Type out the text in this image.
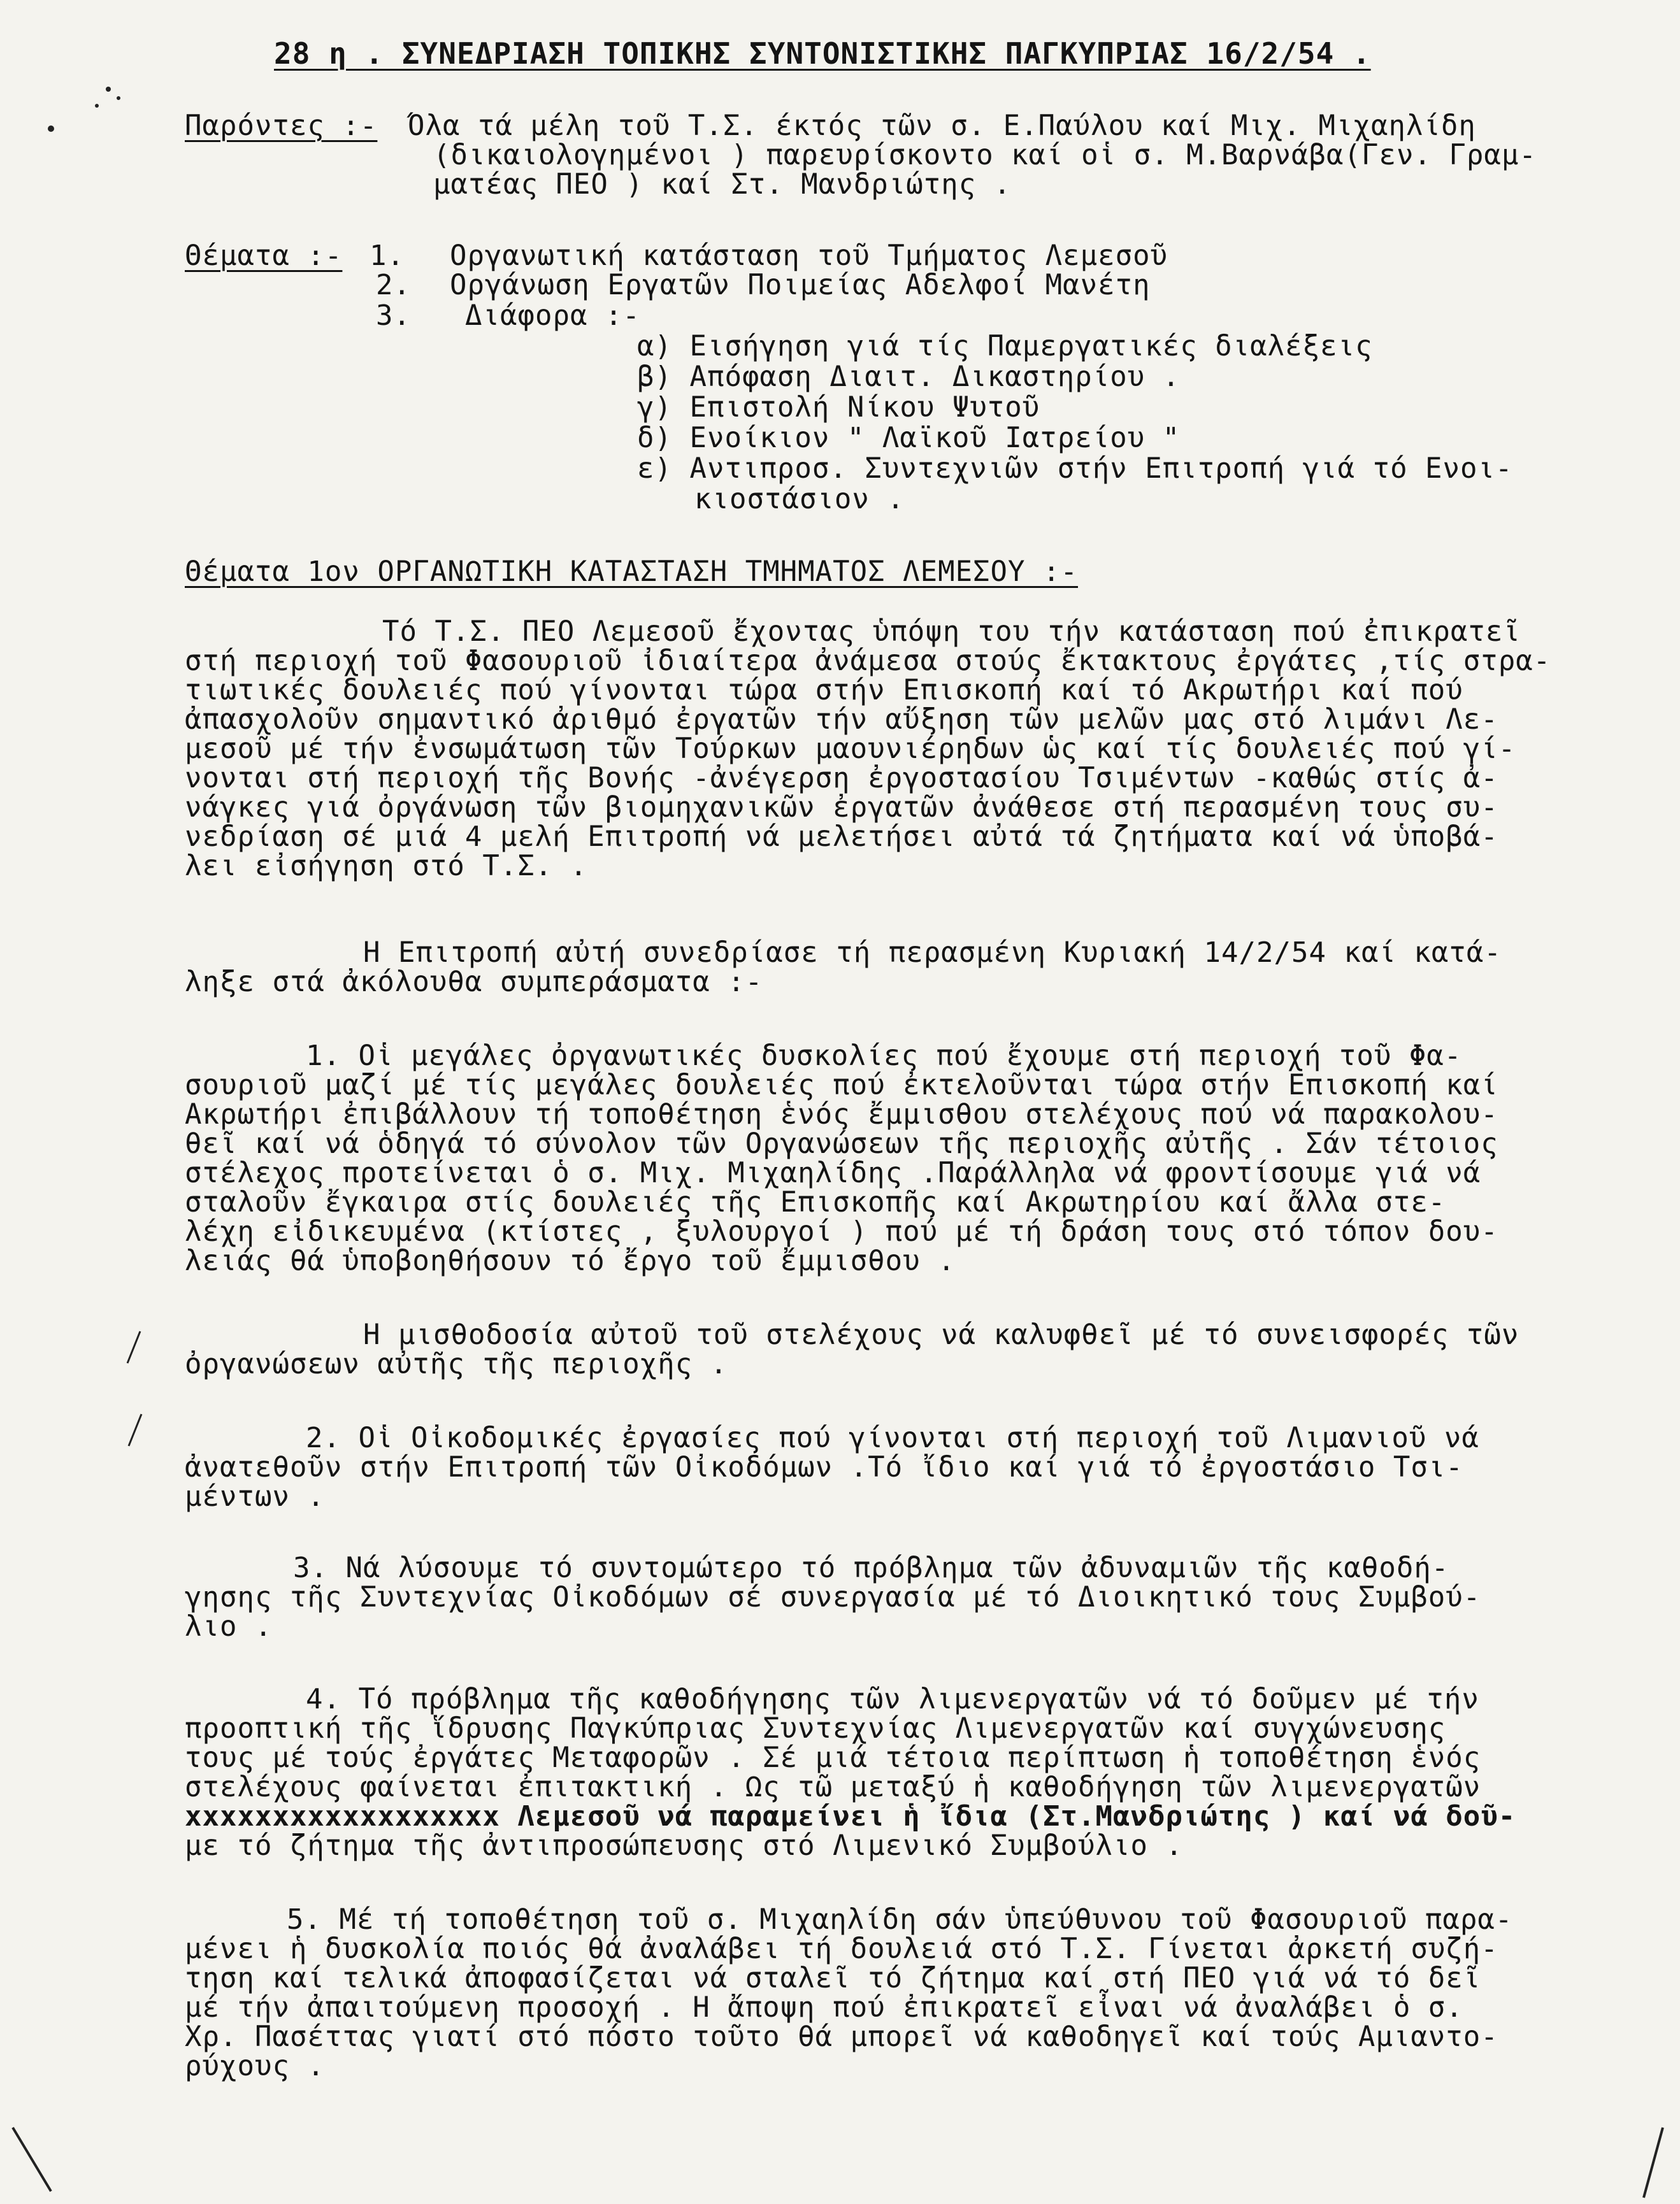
28 η . ΣΥΝΕΔΡΙΑΣΗ ΤΟΠΙΚΗΣ ΣΥΝΤΟΝΙΣΤΙΚΗΣ ΠΑΓΚΥΠΡΙΑΣ 16/2/54 .
Παρόντες :- Όλα τά μέλη τοῦ Τ.Σ. έκτός τῶν σ. Ε.Παύλου καί Μιχ. Μιχαηλίδη
(δικαιολογημένοι ) παρευρίσκοντο καί οἱ σ. Μ.Βαρνάβα(Γεν. Γραμ-
ματέας ΠΕΟ ) καί Στ. Μανδριώτης .
Θέματα :- 1. Οργανωτική κατάσταση τοῦ Τμήματος Λεμεσοῦ
2. Οργάνωση Εργατῶν Ποιμείας Αδελφοί Μανέτη
3. Διάφορα :-
α) Εισήγηση γιά τίς Παμεργατικές διαλέξεις
β) Απόφαση Διαιτ. Δικαστηρίου .
γ) Επιστολή Νίκου Ψυτοῦ
δ) Ενοίκιον " Λαϊκοῦ Ιατρείου "
ε) Αντιπροσ. Συντεχνιῶν στήν Επιτροπή γιά τό Ενοι-
κιοστάσιον .
Θέματα 1ον ΟΡΓΑΝΩΤΙΚΗ ΚΑΤΑΣΤΑΣΗ ΤΜΗΜΑΤΟΣ ΛΕΜΕΣΟΥ :-
Τό Τ.Σ. ΠΕΟ Λεμεσοῦ ἔχοντας ὑπόψη του τήν κατάσταση πού ἐπικρατεῖ
στή περιοχή τοῦ Φασουριοῦ ἰδιαίτερα ἀνάμεσα στούς ἔκτακτους ἐργάτες ,τίς στρα-
τιωτικές δουλειές πού γίνονται τώρα στήν Επισκοπή καί τό Ακρωτήρι καί πού
ἀπασχολοῦν σημαντικό ἀριθμό ἐργατῶν τήν αὔξηση τῶν μελῶν μας στό λιμάνι Λε-
μεσοῦ μέ τήν ἐνσωμάτωση τῶν Τούρκων μαουνιέρηδων ὡς καί τίς δουλειές πού γί-
νονται στή περιοχή τῆς Βονής -ἀνέγερση ἐργοστασίου Τσιμέντων -καθώς στίς ἀ-
νάγκες γιά ὀργάνωση τῶν βιομηχανικῶν ἐργατῶν ἀνάθεσε στή περασμένη τους συ-
νεδρίαση σέ μιά 4 μελή Επιτροπή νά μελετήσει αὐτά τά ζητήματα καί νά ὑποβά-
λει εἰσήγηση στό Τ.Σ. .
Η Επιτροπή αὐτή συνεδρίασε τή περασμένη Κυριακή 14/2/54 καί κατά-
ληξε στά ἀκόλουθα συμπεράσματα :-
1. Οἱ μεγάλες ὀργανωτικές δυσκολίες πού ἔχουμε στή περιοχή τοῦ Φα-
σουριοῦ μαζί μέ τίς μεγάλες δουλειές πού ἐκτελοῦνται τώρα στήν Επισκοπή καί
Ακρωτήρι ἐπιβάλλουν τή τοποθέτηση ἑνός ἔμμισθου στελέχους πού νά παρακολου-
θεῖ καί νά ὁδηγά τό σύνολον τῶν Οργανώσεων τῆς περιοχῆς αὐτῆς . Σάν τέτοιος
στέλεχος προτείνεται ὁ σ. Μιχ. Μιχαηλίδης .Παράλληλα νά φροντίσουμε γιά νά
σταλοῦν ἔγκαιρα στίς δουλειές τῆς Επισκοπῆς καί Ακρωτηρίου καί ἄλλα στε-
λέχη εἰδικευμένα (κτίστες , ξυλουργοί ) πού μέ τή δράση τους στό τόπον δου-
λειάς θά ὑποβοηθήσουν τό ἔργο τοῦ ἔμμισθου .
Η μισθοδοσία αὐτοῦ τοῦ στελέχους νά καλυφθεῖ μέ τό συνεισφορές τῶν
ὀργανώσεων αὐτῆς τῆς περιοχῆς .
2. Οἱ Οἰκοδομικές ἐργασίες πού γίνονται στή περιοχή τοῦ Λιμανιοῦ νά
ἀνατεθοῦν στήν Επιτροπή τῶν Οἰκοδόμων .Τό ἴδιο καί γιά τό ἐργοστάσιο Τσι-
μέντων .
3. Νά λύσουμε τό συντομώτερο τό πρόβλημα τῶν ἀδυναμιῶν τῆς καθοδή-
γησης τῆς Συντεχνίας Οἰκοδόμων σέ συνεργασία μέ τό Διοικητικό τους Συμβού-
λιο .
4. Τό πρόβλημα τῆς καθοδήγησης τῶν λιμενεργατῶν νά τό δοῦμεν μέ τήν
προοπτική τῆς ἵδρυσης Παγκύπριας Συντεχνίας Λιμενεργατῶν καί συγχώνευσης
τους μέ τούς ἐργάτες Μεταφορῶν . Σέ μιά τέτοια περίπτωση ἡ τοποθέτηση ἑνός
στελέχους φαίνεται ἐπιτακτική . Ως τῶ μεταξύ ἡ καθοδήγηση τῶν λιμενεργατῶν
xxxxxxxxxxxxxxxxxx Λεμεσοῦ νά παραμείνει ἡ ἴδια (Στ.Μανδριώτης ) καί νά δοῦ-
με τό ζήτημα τῆς ἀντιπροσώπευσης στό Λιμενικό Συμβούλιο .
5. Μέ τή τοποθέτηση τοῦ σ. Μιχαηλίδη σάν ὑπεύθυνου τοῦ Φασουριοῦ παρα-
μένει ἡ δυσκολία ποιός θά ἀναλάβει τή δουλειά στό Τ.Σ. Γίνεται ἀρκετή συζή-
τηση καί τελικά ἀποφασίζεται νά σταλεῖ τό ζήτημα καί στή ΠΕΟ γιά νά τό δεῖ
μέ τήν ἀπαιτούμενη προσοχή . Η ἄποψη πού ἐπικρατεῖ εἶναι νά ἀναλάβει ὁ σ.
Χρ. Πασέττας γιατί στό πόστο τοῦτο θά μπορεῖ νά καθοδηγεῖ καί τούς Αμιαντο-
ρύχους .
